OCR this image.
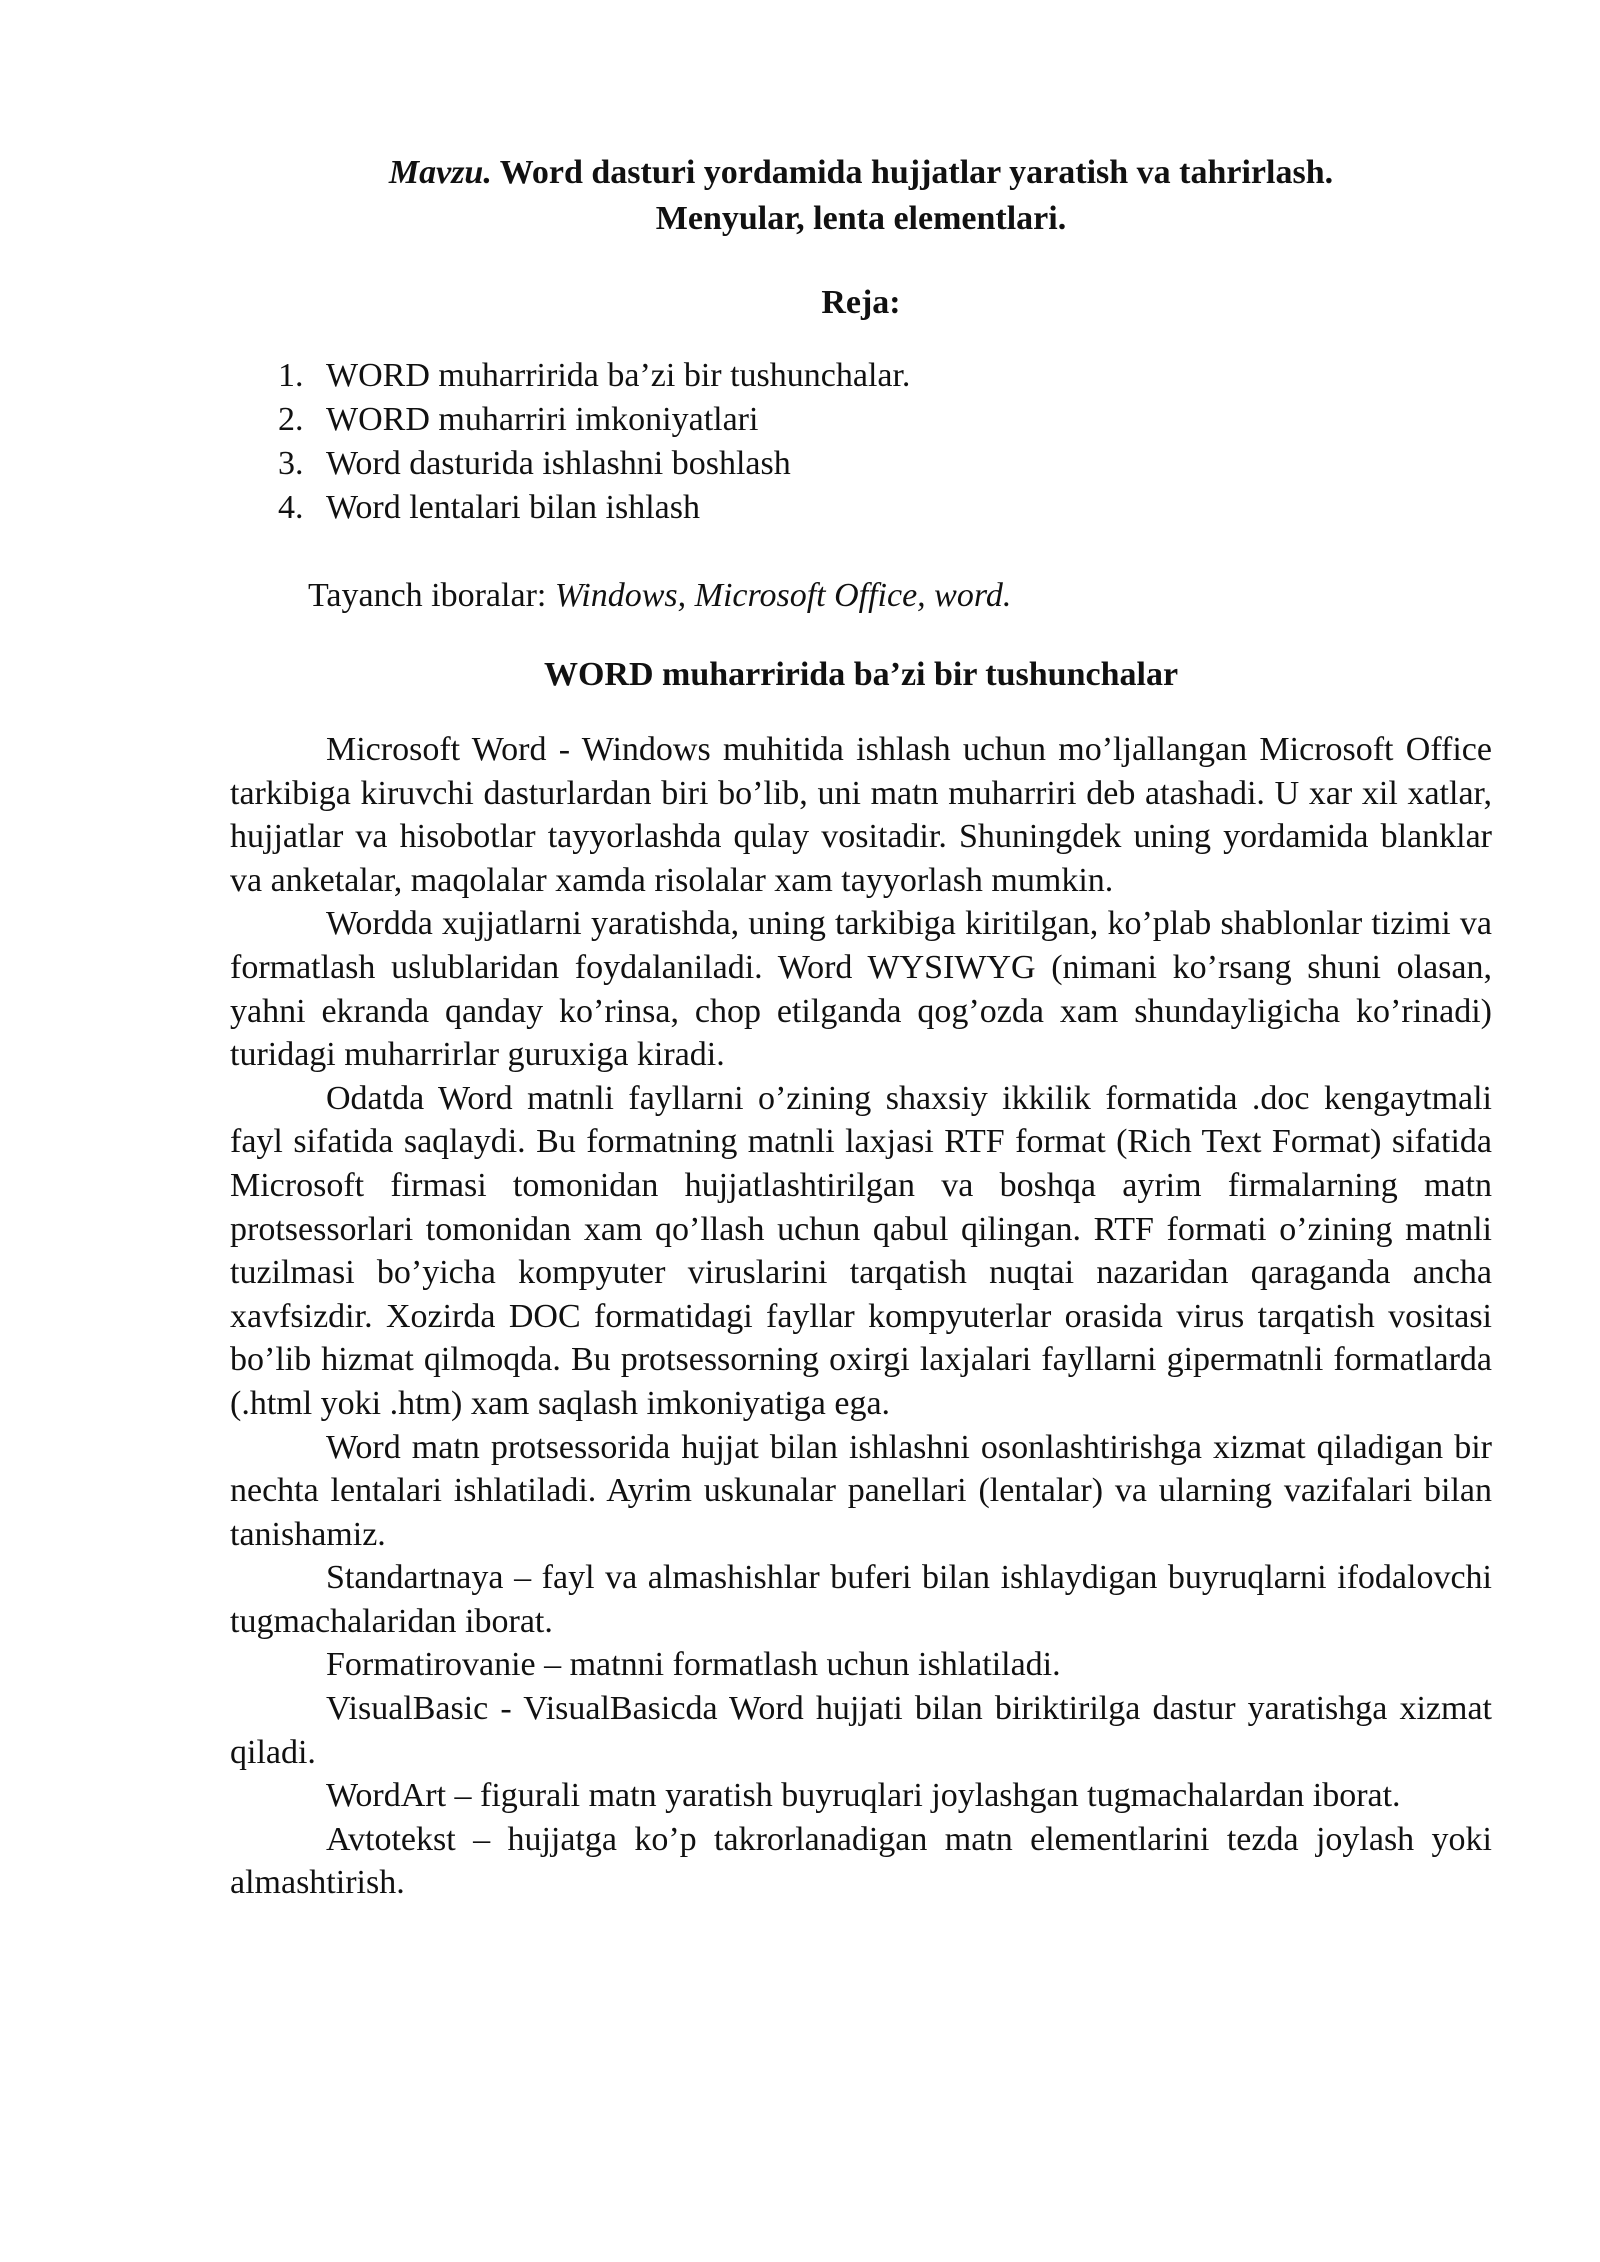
Mavzu. Word dasturi yordamida hujjatlar yaratish va tahrirlash.
Menyular, lenta elementlari.
Reja:
1. WORD muharririda ba’zi bir tushunchalar.
2. WORD muharriri imkoniyatlari
3. Word dasturida ishlashni boshlash
4. Word lentalari bilan ishlash
Tayanch iboralar: Windows, Microsoft Office, word.
WORD muharririda ba’zi bir tushunchalar

Microsoft Word - Windows muhitida ishlash uchun mo’ljallangan Microsoft Office tarkibiga kiruvchi dasturlardan biri bo’lib, uni matn muharriri deb atashadi. U xar xil xatlar, hujjatlar va hisobotlar tayyorlashda qulay vositadir. Shuningdek uning yordamida blanklar va anketalar, maqolalar xamda risolalar xam tayyorlash mumkin.

Wordda xujjatlarni yaratishda, uning tarkibiga kiritilgan, ko’plab shablonlar tizimi va formatlash uslublaridan foydalaniladi. Word WYSIWYG (nimani ko’rsang shuni olasan, yahni ekranda qanday ko’rinsa, chop etilganda qog’ozda xam shundayligicha ko’rinadi) turidagi muharrirlar guruxiga kiradi.

Odatda Word matnli fayllarni o’zining shaxsiy ikkilik formatida .doc kengaytmali fayl sifatida saqlaydi. Bu formatning matnli laxjasi RTF format (Rich Text Format) sifatida Microsoft firmasi tomonidan hujjatlashtirilgan va boshqa ayrim firmalarning matn protsessorlari tomonidan xam qo’llash uchun qabul qilingan. RTF formati o’zining matnli tuzilmasi bo’yicha kompyuter viruslarini tarqatish nuqtai nazaridan qaraganda ancha xavfsizdir. Xozirda DOC formatidagi fayllar kompyuterlar orasida virus tarqatish vositasi bo’lib hizmat qilmoqda. Bu protsessorning oxirgi laxjalari fayllarni gipermatnli formatlarda (.html yoki .htm) xam saqlash imkoniyatiga ega.

Word matn protsessorida hujjat bilan ishlashni osonlashtirishga xizmat qiladigan bir nechta lentalari ishlatiladi. Ayrim uskunalar panellari (lentalar) va ularning vazifalari bilan tanishamiz.

Standartnaya – fayl va almashishlar buferi bilan ishlaydigan buyruqlarni ifodalovchi tugmachalaridan iborat.

Formatirovanie – matnni formatlash uchun ishlatiladi.

VisualBasic - VisualBasicda Word hujjati bilan biriktirilga dastur yaratishga xizmat qiladi.

WordArt – figurali matn yaratish buyruqlari joylashgan tugmachalardan iborat.

Avtotekst – hujjatga ko’p takrorlanadigan matn elementlarini tezda joylash yoki almashtirish.
